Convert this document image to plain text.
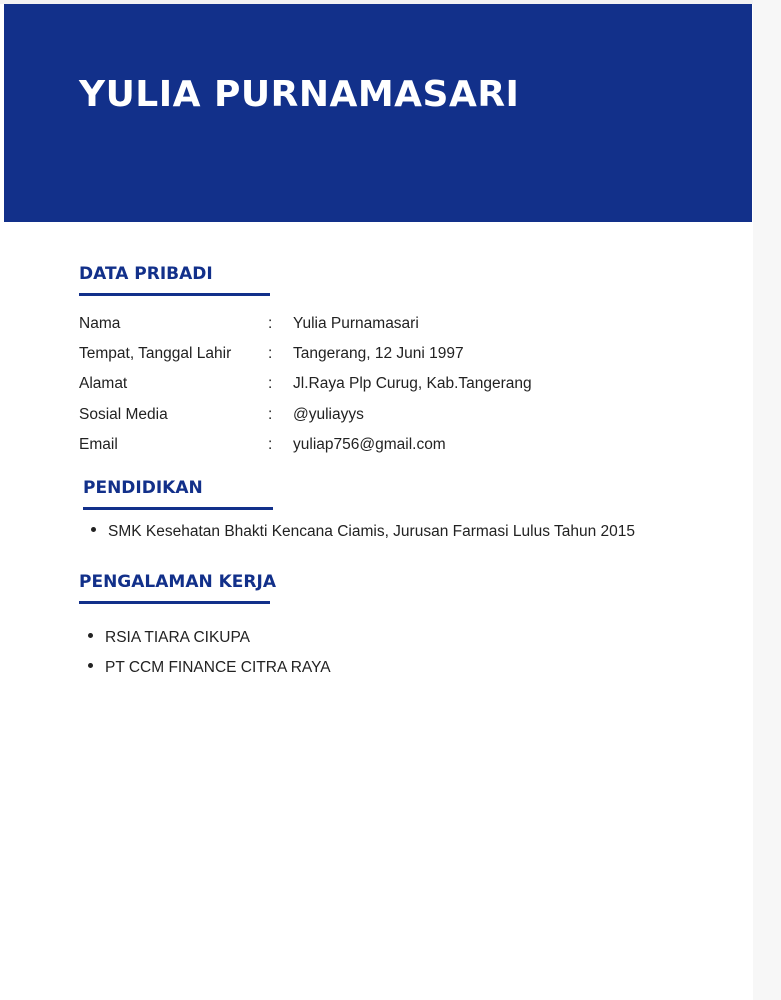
YULIA PURNAMASARI
DATA PRIBADI
Nama	: Yulia Purnamasari
Tempat, Tanggal Lahir : Tangerang, 12 Juni 1997
Alamat	: Jl.Raya Plp Curug, Kab.Tangerang
Sosial Media	: @yuliayys
Email	: yuliap756@gmail.com
PENDIDIKAN
SMK Kesehatan Bhakti Kencana Ciamis, Jurusan Farmasi Lulus Tahun 2015
PENGALAMAN KERJA
RSIA TIARA CIKUPA
PT CCM FINANCE CITRA RAYA
